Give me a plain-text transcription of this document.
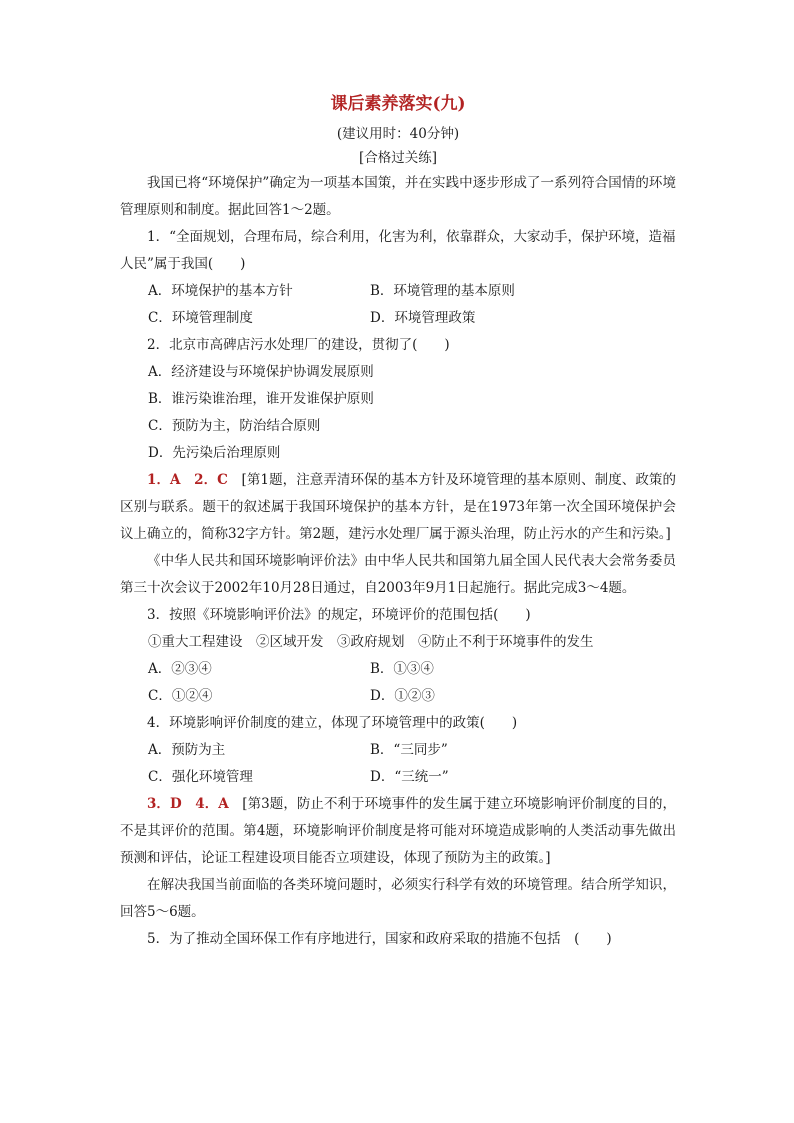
课后素养落实(九)
(建议用时：40分钟)
[合格过关练]

我国已将“环境保护”确定为一项基本国策，并在实践中逐步形成了一系列符合国情的环境管理原则和制度。据此回答1～2题。

1．“全面规划，合理布局，综合利用，化害为利，依靠群众，大家动手，保护环境，造福人民”属于我国(　　)

A．环境保护的基本方针	B．环境管理的基本原则
C．环境管理制度	D．环境管理政策

2．北京市高碑店污水处理厂的建设，贯彻了(　　)

A．经济建设与环境保护协调发展原则
B．谁污染谁治理，谁开发谁保护原则
C．预防为主，防治结合原则
D．先污染后治理原则

1．A　2．C　[第1题，注意弄清环保的基本方针及环境管理的基本原则、制度、政策的区别与联系。题干的叙述属于我国环境保护的基本方针，是在1973年第一次全国环境保护会议上确立的，简称32字方针。第2题，建污水处理厂属于源头治理，防止污水的产生和污染。]

《中华人民共和国环境影响评价法》由中华人民共和国第九届全国人民代表大会常务委员第三十次会议于2002年10月28日通过，自2003年9月1日起施行。据此完成3～4题。

3．按照《环境影响评价法》的规定，环境评价的范围包括(　　)

①重大工程建设　②区域开发　③政府规划　④防止不利于环境事件的发生
A．②③④	B．①③④
C．①②④	D．①②③

4．环境影响评价制度的建立，体现了环境管理中的政策(　　)

A．预防为主	B．“三同步”
C．强化环境管理	D．“三统一”

3．D　4．A　[第3题，防止不利于环境事件的发生属于建立环境影响评价制度的目的，不是其评价的范围。第4题，环境影响评价制度是将可能对环境造成影响的人类活动事先做出预测和评估，论证工程建设项目能否立项建设，体现了预防为主的政策。]

在解决我国当前面临的各类环境问题时，必须实行科学有效的环境管理。结合所学知识，回答5～6题。

5．为了推动全国环保工作有序地进行，国家和政府采取的措施不包括　(　　)
